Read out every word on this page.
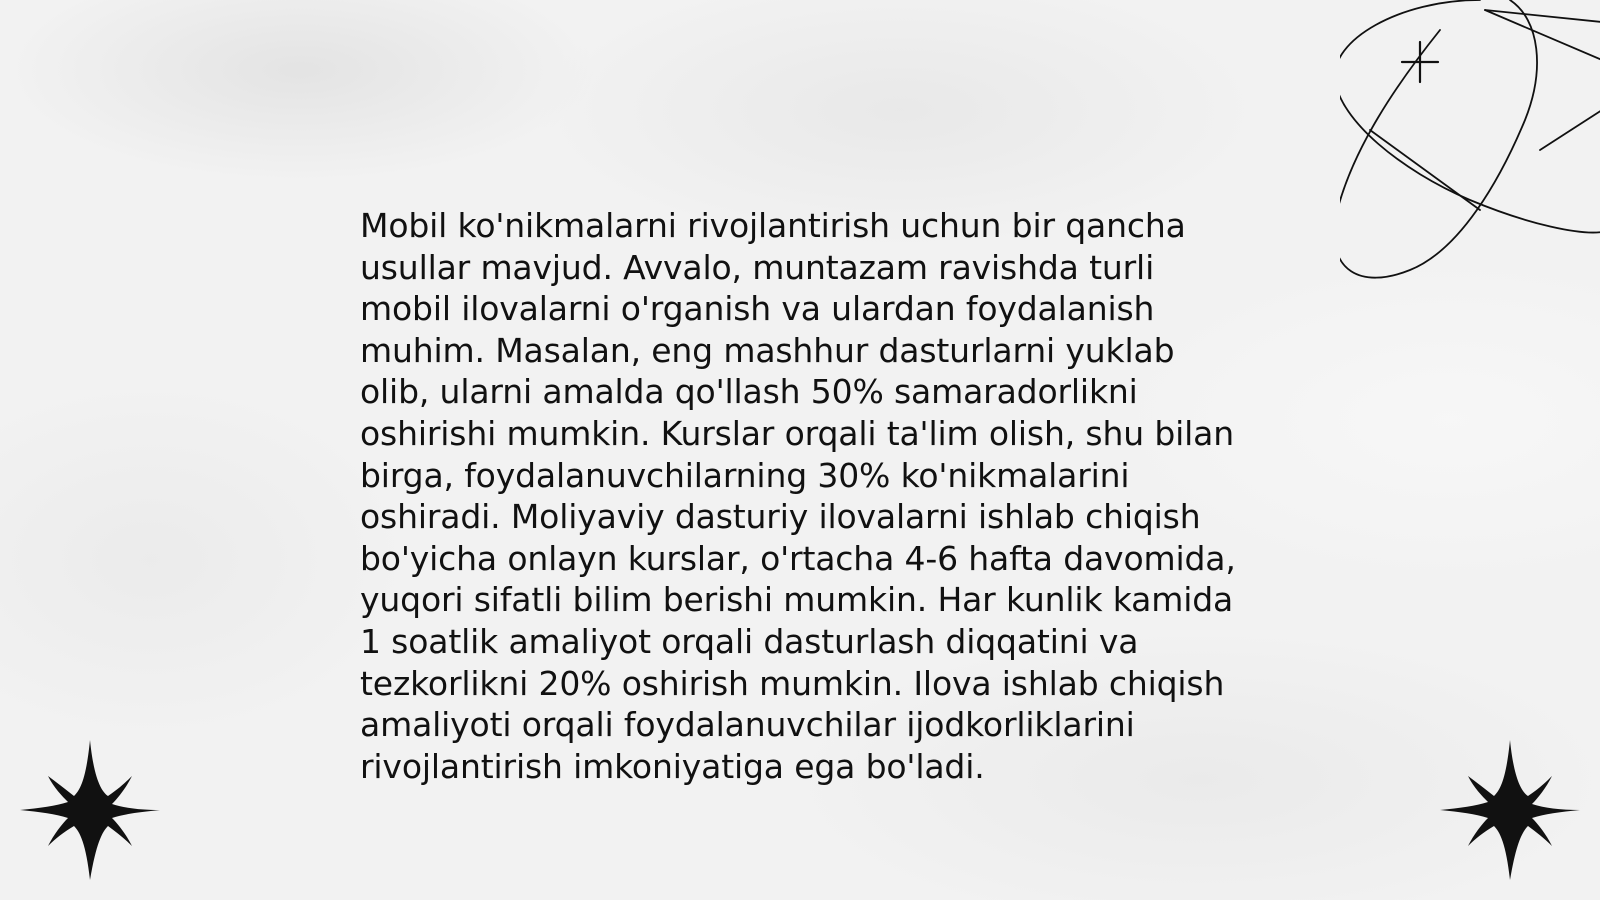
Mobil ko'nikmalarni rivojlantirish uchun bir qancha usullar mavjud. Avvalo, muntazam ravishda turli mobil ilovalarni o'rganish va ulardan foydalanish muhim. Masalan, eng mashhur dasturlarni yuklab olib, ularni amalda qo'llash 50% samaradorlikni oshirishi mumkin. Kurslar orqali ta'lim olish, shu bilan birga, foydalanuvchilarning 30% ko'nikmalarini oshiradi. Moliyaviy dasturiy ilovalarni ishlab chiqish bo'yicha onlayn kurslar, o'rtacha 4-6 hafta davomida, yuqori sifatli bilim berishi mumkin. Har kunlik kamida 1 soatlik amaliyot orqali dasturlash diqqatini va tezkorlikni 20% oshirish mumkin. Ilova ishlab chiqish amaliyoti orqali foydalanuvchilar ijodkorliklarini rivojlantirish imkoniyatiga ega bo'ladi.
